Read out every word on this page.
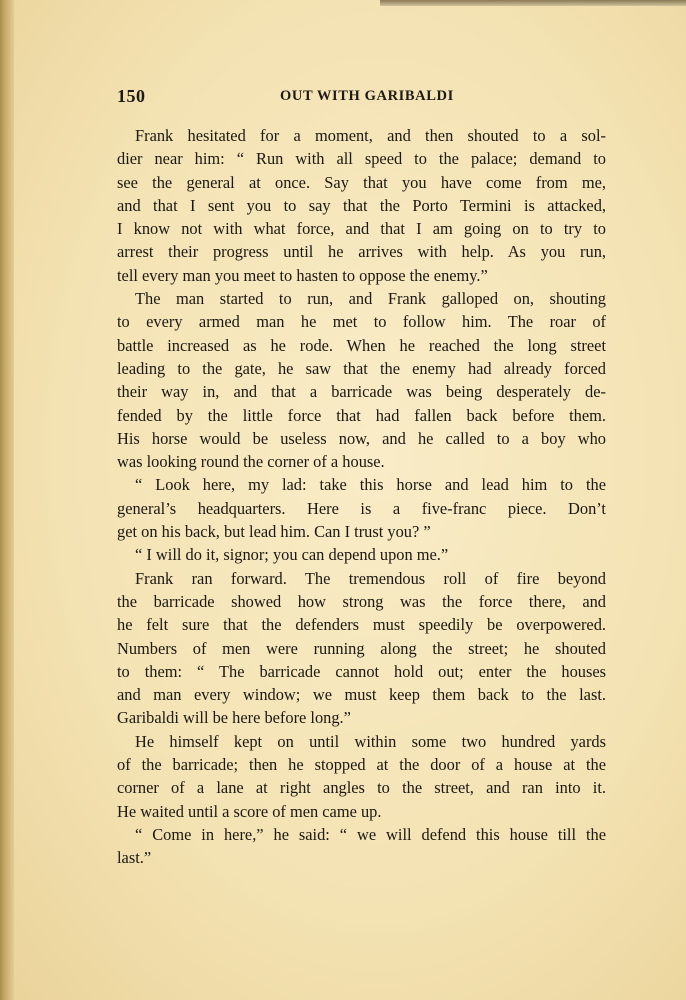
150	OUT WITH GARIBALDI
Frank hesitated for a moment, and then shouted to a sol-
dier near him: “ Run with all speed to the palace; demand to
see the general at once. Say that you have come from me,
and that I sent you to say that the Porto Termini is attacked,
I know not with what force, and that I am going on to try to
arrest their progress until he arrives with help. As you run,
tell every man you meet to hasten to oppose the enemy.”
The man started to run, and Frank galloped on, shouting
to every armed man he met to follow him. The roar of
battle increased as he rode. When he reached the long street
leading to the gate, he saw that the enemy had already forced
their way in, and that a barricade was being desperately de-
fended by the little force that had fallen back before them.
His horse would be useless now, and he called to a boy who
was looking round the corner of a house.
“ Look here, my lad: take this horse and lead him to the
general’s headquarters. Here is a five-franc piece. Don’t
get on his back, but lead him. Can I trust you? ”
“ I will do it, signor; you can depend upon me.”
Frank ran forward. The tremendous roll of fire beyond
the barricade showed how strong was the force there, and
he felt sure that the defenders must speedily be overpowered.
Numbers of men were running along the street; he shouted
to them: “ The barricade cannot hold out; enter the houses
and man every window; we must keep them back to the last.
Garibaldi will be here before long.”
He himself kept on until within some two hundred yards
of the barricade; then he stopped at the door of a house at the
corner of a lane at right angles to the street, and ran into it.
He waited until a score of men came up.
“ Come in here,” he said: “ we will defend this house till the
last.”
